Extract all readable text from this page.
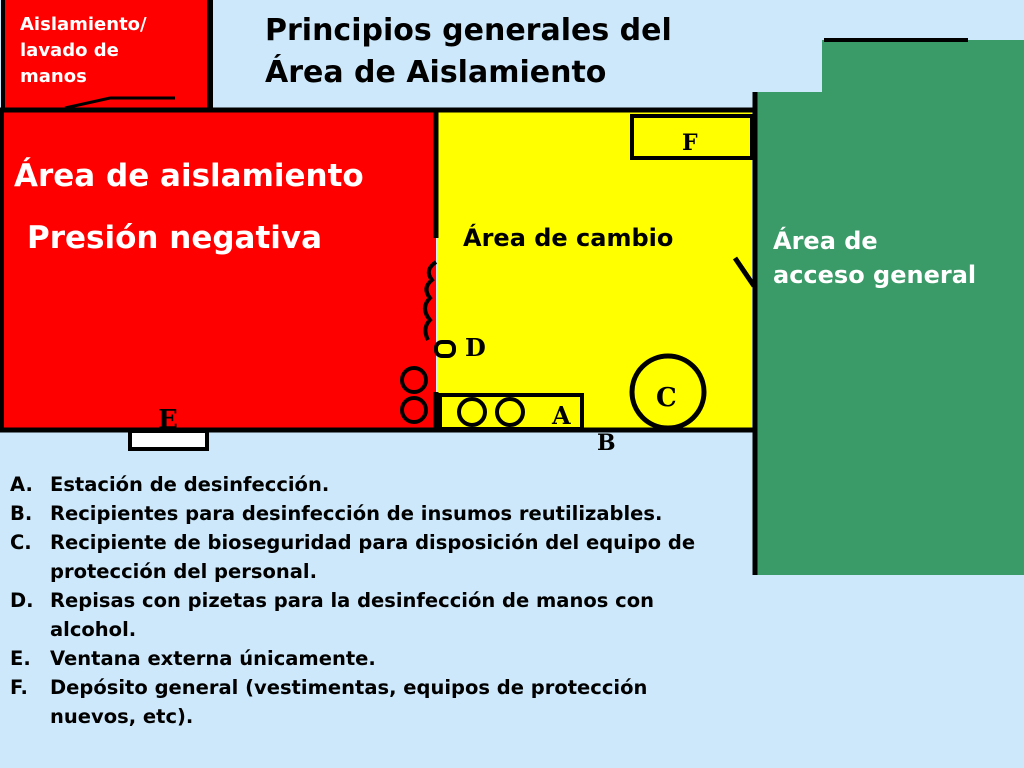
A
C
D
F
E
B

Aislamiento/
lavado de
manos

Principios generales del
Área de Aislamiento

Área de aislamiento

Presión negativa	Área de cambio	Área de
acceso general

A. Estación de desinfección.
B. Recipientes para desinfección de insumos reutilizables.
C. Recipiente de bioseguridad para disposición del equipo de protección del personal.
D. Repisas con pizetas para la desinfección de manos con alcohol.
E. Ventana externa únicamente.
F.	Depósito general (vestimentas, equipos de protección nuevos, etc).
